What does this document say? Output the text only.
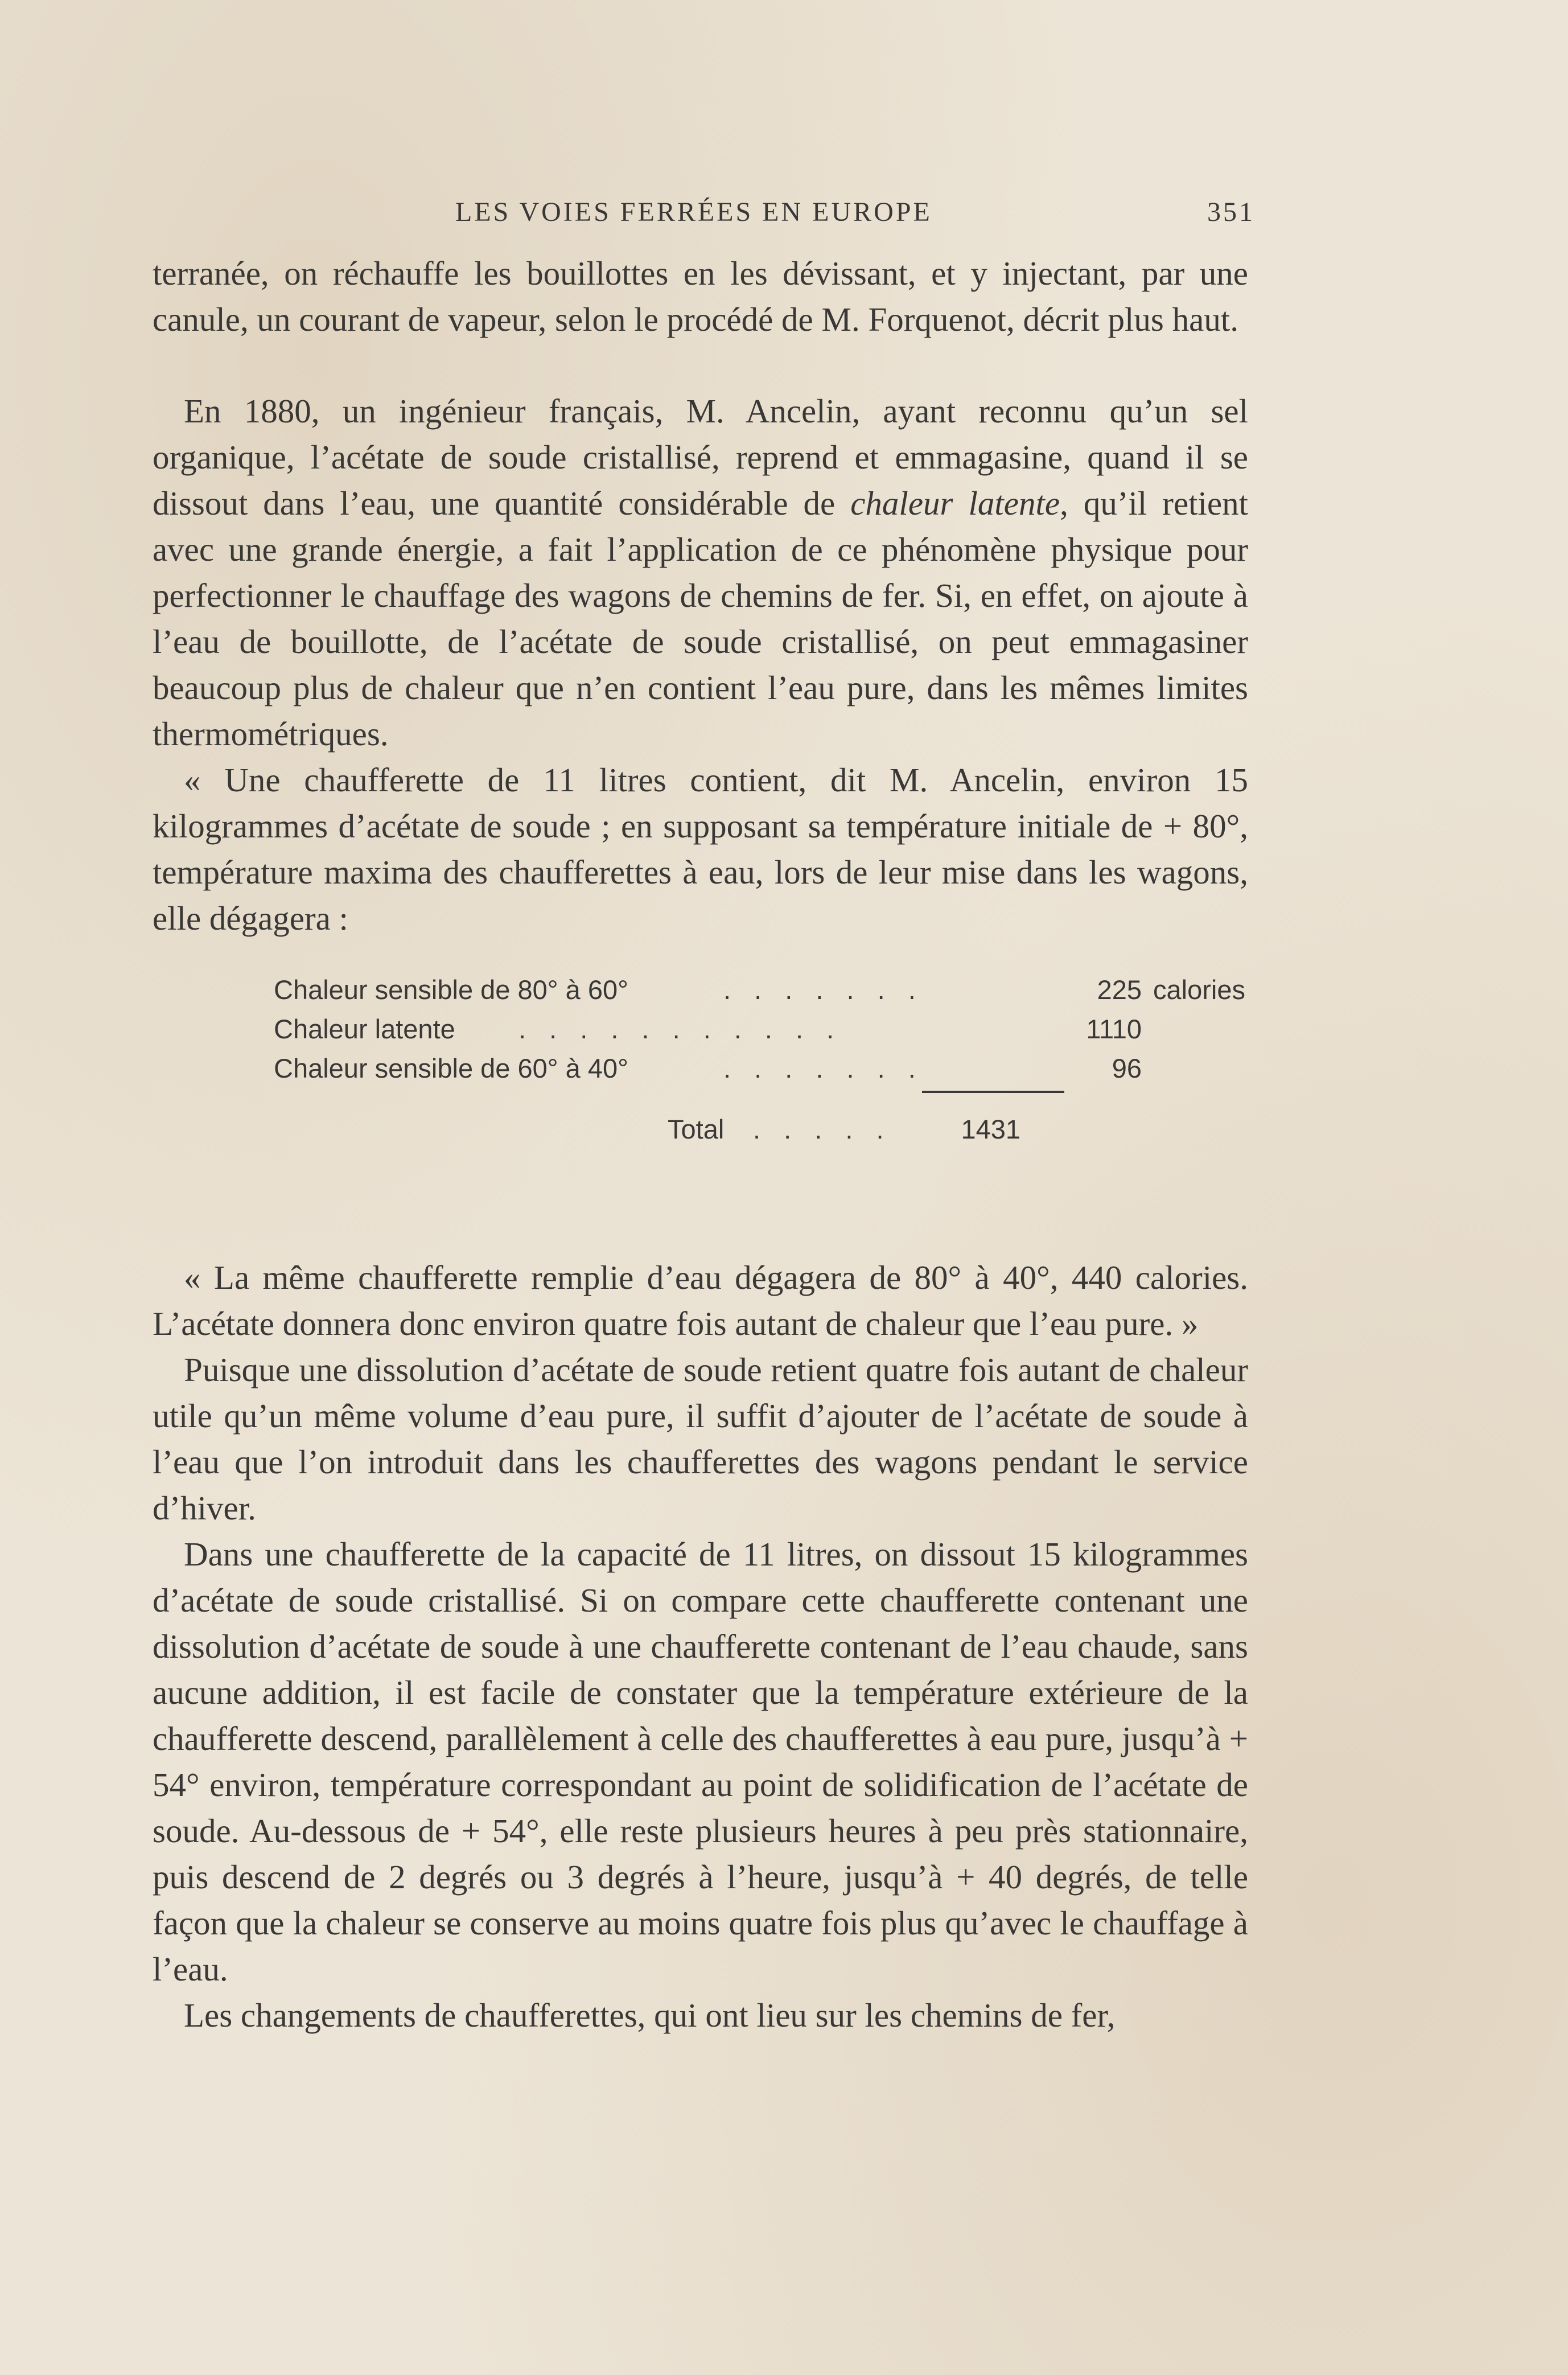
LES VOIES FERRÉES EN EUROPE	351

terranée, on réchauffe les bouillottes en les dévissant, et y injectant, par une canule, un courant de vapeur, selon le procédé de M. Forquenot, décrit plus haut.

En 1880, un ingénieur français, M. Ancelin, ayant reconnu qu’un sel organique, l’acétate de soude cristallisé, reprend et emmagasine, quand il se dissout dans l’eau, une quantité considérable de chaleur latente, qu’il retient avec une grande énergie, a fait l’application de ce phénomène physique pour perfectionner le chauffage des wagons de chemins de fer. Si, en effet, on ajoute à l’eau de bouillotte, de l’acétate de soude cristallisé, on peut emmagasiner beaucoup plus de chaleur que n’en contient l’eau pure, dans les mêmes limites thermométriques.

« Une chaufferette de 11 litres contient, dit M. Ancelin, environ 15 kilogrammes d’acétate de soude ; en supposant sa température initiale de + 80°, température maxima des chaufferettes à eau, lors de leur mise dans les wagons, elle dégagera :

Chaleur sensible de 80° à 60°	. . . . . . .	225 calories
Chaleur latente . . . . . . . . . . .	1110
Chaleur sensible de 60° à 40°	. . . . . . .	96
Total . . . . .	1431

« La même chaufferette remplie d’eau dégagera de 80° à 40°, 440 calories. L’acétate donnera donc environ quatre fois autant de chaleur que l’eau pure. »

Puisque une dissolution d’acétate de soude retient quatre fois autant de chaleur utile qu’un même volume d’eau pure, il suffit d’ajouter de l’acétate de soude à l’eau que l’on introduit dans les chaufferettes des wagons pendant le service d’hiver.

Dans une chaufferette de la capacité de 11 litres, on dissout 15 kilogrammes d’acétate de soude cristallisé. Si on compare cette chaufferette contenant une dissolution d’acétate de soude à une chaufferette contenant de l’eau chaude, sans aucune addition, il est facile de constater que la température extérieure de la chaufferette descend, parallèlement à celle des chaufferettes à eau pure, jusqu’à + 54° environ, température correspondant au point de solidification de l’acétate de soude. Au-dessous de + 54°, elle reste plusieurs heures à peu près stationnaire, puis descend de 2 degrés ou 3 degrés à l’heure, jusqu’à + 40 degrés, de telle façon que la chaleur se conserve au moins quatre fois plus qu’avec le chauffage à l’eau.

Les changements de chaufferettes, qui ont lieu sur les chemins de fer,
